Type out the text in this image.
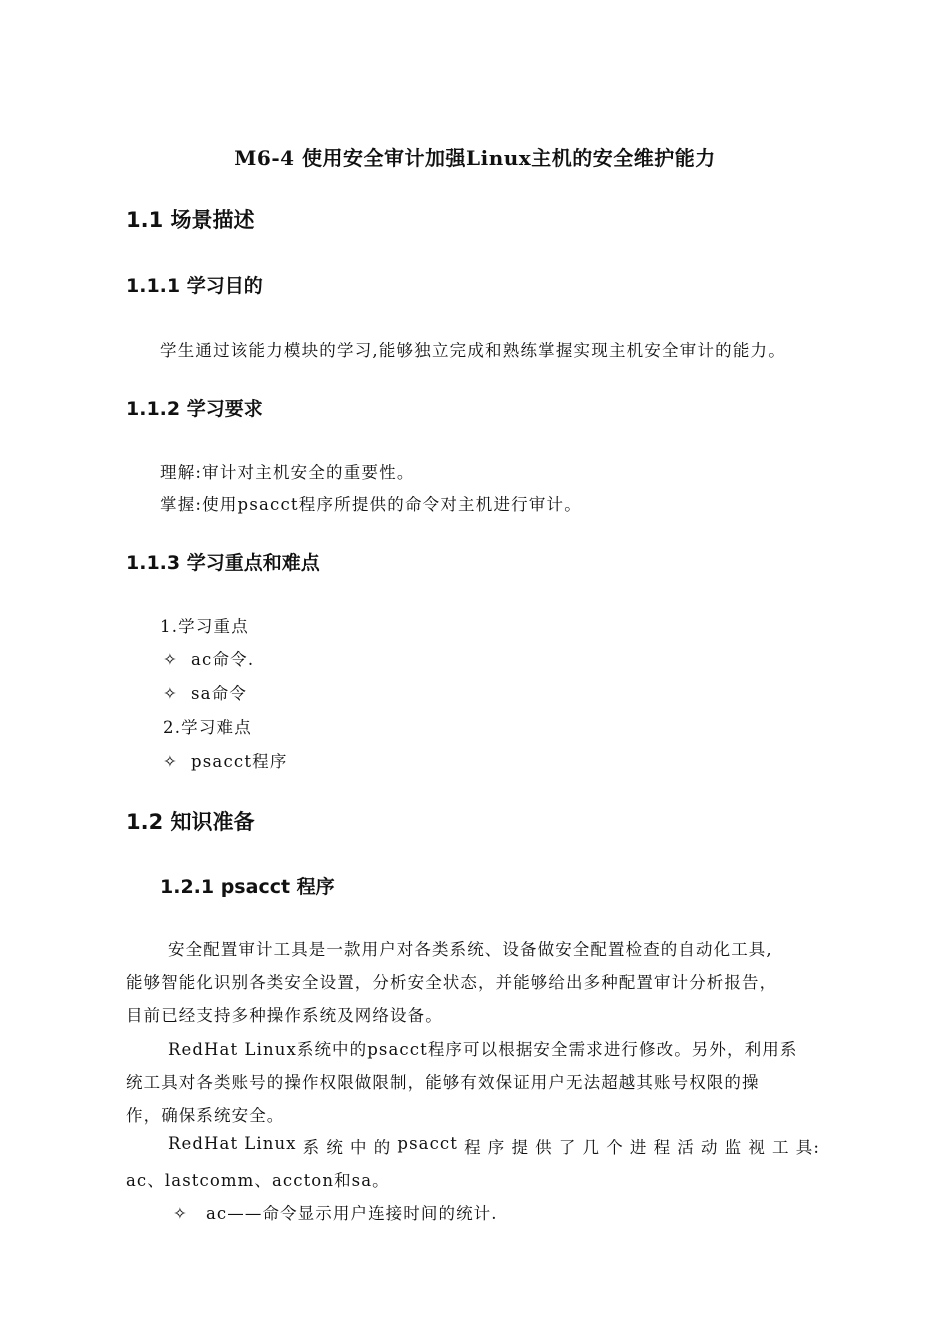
M6-4 使用安全审计加强Linux主机的安全维护能力
1.1 场景描述
1.1.1 学习目的
学生通过该能力模块的学习,能够独立完成和熟练掌握实现主机安全审计的能力。
1.1.2 学习要求
理解:审计对主机安全的重要性。
掌握:使用psacct程序所提供的命令对主机进行审计。
1.1.3 学习重点和难点
1.学习重点
✧ ac命令.
✧ sa命令
2.学习难点
✧ psacct程序
1.2 知识准备
1.2.1 psacct 程序
安全配置审计工具是一款用户对各类系统、设备做安全配置检查的自动化工具,
能够智能化识别各类安全设置，分析安全状态，并能够给出多种配置审计分析报告，
目前已经支持多种操作系统及网络设备。
RedHat Linux系统中的psacct程序可以根据安全需求进行修改。另外，利用系
统工具对各类账号的操作权限做限制，能够有效保证用户无法超越其账号权限的操
作，确保系统安全。
RedHat Linux 系 统 中 的 psacct 程 序 提 供 了 几 个 进 程 活 动 监 视 工 具:
ac、lastcomm、accton和sa。
✧ ac——命令显示用户连接时间的统计.
